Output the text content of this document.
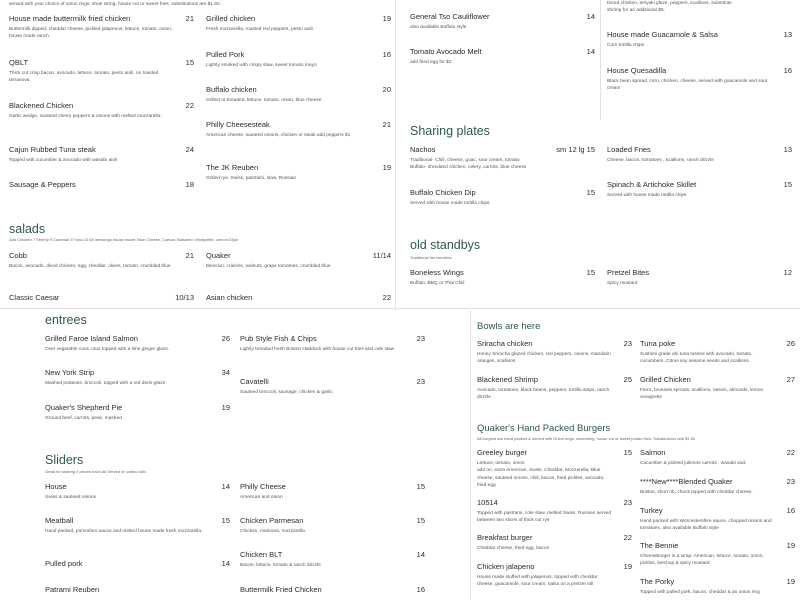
served with your choice of onion rings, shoe string, house cut or sweet fries. substitutions are $1.50
House made buttermilk fried chicken	21
Buttermilk dipped, cheddar cheese, pickled jalapenos, lettuce, tomato, onion, house made ranch.
QBLT	15
Thick cut crisp bacon, avocado, lettuce, tomato, pesto aioli, on toasted terranova.
Blackened Chicken	22
Garlic wedge, sauteed cherry peppers & onions with melted mozzarella.
Cajun Rubbed Tuna steak	24
Topped with cucumber & avocado with wasabi aioli
Sausage & Peppers	18
Grilled chicken	19
Fresh mozzarella, roasted red peppers, pesto aioli
Pulled Pork	16
Lightly smoked with crispy slaw, sweet tomato mayo
Buffalo chicken	20
Grilled or breaded, lettuce, tomato, onion, blue cheese
Philly Cheesesteak	21
American cheese, sauteed onions, chicken or steak add peppers $1
The JK Reuben	19
Grilled rye, Swiss, pastrami, slaw, Russian
General Tso Cauliflower	14
also available Buffalo style
Tomato Avocado Melt	14
add fried egg for $2
Diced chicken, teriyaki glaze, peppers, scallions, substitute shrimp for an additional $6.
House made Guacamole & Salsa	13
Corn tortilla chips
House Quesadilla	16
Black bean spread, corn, chicken, cheese, served with guacamole and sour cream
Sharing plates
Nachos	sm 12 lg 15
Traditional- Chili, cheese, guac, sour cream, tomato
Buffalo- shredded chicken, celery, carrots, blue cheese
Buffalo Chicken Dip	15
Served with house made tortilla chips
Loaded Fries	13
Cheese, bacon, tomatoes , scallions, ranch drizzle
Spinach & Artichoke Skillet	15
Served with house made tortilla chips
old standbys
Traditional fan favorites
Boneless Wings	15
Buffalo, BBQ or Thai Chili
Pretzel Bites	12
Spicy mustard
salads
Add Chicken 7 Shrimp 9 Calamari 9 Tuna 10 All dressings house made: Blue Cheese, Caesar, Balsamic Vinaigrette, Lemon Dijon
Cobb	21
Bacon, avocado, diced chicken, egg, cheddar, olives, tomato, crumbled blue
Quaker	11/14
Mesclun, craisins, walnuts, grape tomatoes, crumbled blue
Classic Caesar	10/13 Asian chicken	22
entrees
Grilled Faroe Island Salmon	26
Over vegetable cous cous topped with a lime ginger glaze.
New York Strip	34
Mashed potatoes, broccoli, topped with a red demi-glaze.
Quaker's Shepherd Pie	19
Ground beef, carrots, peas, mashed
Pub Style Fish & Chips	23
Lightly breaded fresh Boston Haddock with house cut fries and cole slaw
Cavatelli	23
Sauteed broccoli, sausage, chicken & garlic
Sliders
Great for sharing 3 pieces each All Served on potato rolls
House	14
Swiss & sauteed onions
Meatball	15
Hand packed, pomodoro sauce and melted house made fresh mozzarella.
Pulled pork	14
Patrami Reuben
Philly Cheese	15
American and onion
Chicken Parmesan	15
Chicken, marinara, mozzarella
Chicken BLT	14
Bacon, lettuce, tomato & ranch drizzle
Buttermilk Fried Chicken	16
Bowls are here
Sriracha chicken	23
Honey Sriracha glazed chicken, red peppers, onions, mandarin oranges, scallions
Blackened Shrimp	25
Avocado, tomatoes, black beans, peppers, tortilla strips, ranch drizzle
Tuna poke	26
Sushimi grade ahi tuna tossed with avocado, tomato, cucumbers, Citrus soy sesame seeds and scallions
Grilled Chicken	27
Farro, brussels sprouts, scallions, raisins, almonds, lemon vinaigrette
Quaker's Hand Packed Burgers
All burgers are hand packed & served with Onion rings, shoestring, house cut or sweet potato fries. Substitutions add $1.50
Greeley burger	15
Lettuce, tomato, onion
add on: extra American, Swiss, Cheddar, Mozzarella, Blue cheese, sauteed onions, chili, bacon, fried pickles, avocado, fried egg
10514	23
Topped with pastrami, cole slaw, melted Swiss, Russian served between two slices of thick cut rye
Breakfast burger	22
Cheddar cheese, fried egg, bacon
Chicken jalapeno	19
House made stuffed with jalapenos, topped with cheddar cheese, guacamole, sour cream, salsa on a pretzel roll
Salmon	22
Cucumber & pickled julienne carrots , wasabi aioli
****New****Blended Quaker	23
Brisket, short rib, chuck topped with cheddar cheese.
Turkey	16
Hand packed with Worcestershire sauce, chopped onions and tomatoes, also available Buffalo style
The Bennie	19
Cheeseburger in a wrap, American, lettuce, tomato, onion, pickles, ketchup & spicy mustard
The Porky	19
Topped with pulled pork, bacon, cheddar & an onion ring
